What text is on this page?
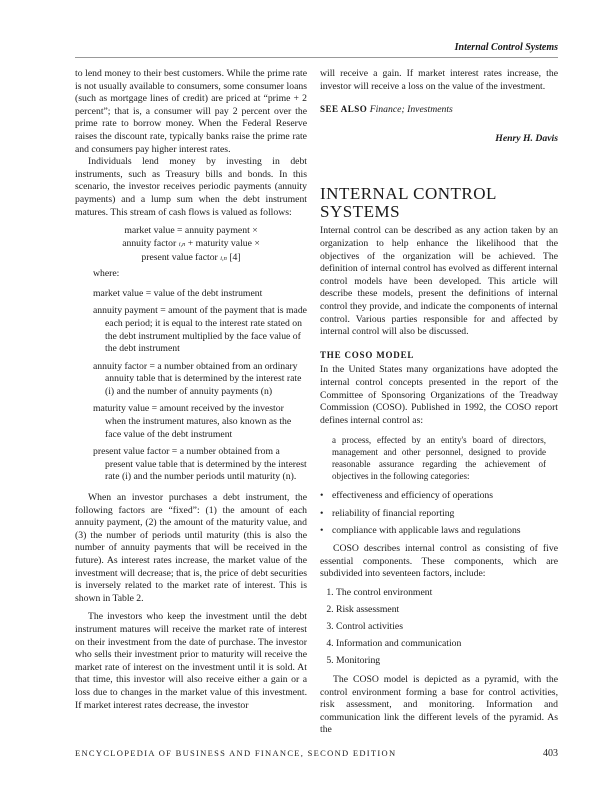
Internal Control Systems

to lend money to their best customers. While the prime rate is not usually available to consumers, some consumer loans (such as mortgage lines of credit) are priced at “prime + 2 percent”; that is, a consumer will pay 2 percent over the prime rate to borrow money. When the Federal Reserve raises the discount rate, typically banks raise the prime rate and consumers pay higher interest rates.

Individuals lend money by investing in debt instruments, such as Treasury bills and bonds. In this scenario, the investor receives periodic payments (annuity payments) and a lump sum when the debt instrument matures. This stream of cash flows is valued as follows:

market value = annuity payment ×
annuity factor i,n + maturity value ×
present value factor i,n [4]
where:
market value = value of the debt instrument
annuity payment = amount of the payment that is made each period; it is equal to the interest rate stated on the debt instrument multiplied by the face value of the debt instrument
annuity factor = a number obtained from an ordinary annuity table that is determined by the interest rate (i) and the number of annuity payments (n)
maturity value = amount received by the investor when the instrument matures, also known as the face value of the debt instrument
present value factor = a number obtained from a present value table that is determined by the interest rate (i) and the number periods until maturity (n).

When an investor purchases a debt instrument, the following factors are “fixed”: (1) the amount of each annuity payment, (2) the amount of the maturity value, and (3) the number of periods until maturity (this is also the number of annuity payments that will be received in the future). As interest rates increase, the market value of the investment will decrease; that is, the price of debt securities is inversely related to the market rate of interest. This is shown in Table 2.

The investors who keep the investment until the debt instrument matures will receive the market rate of interest on their investment from the date of purchase. The investor who sells their investment prior to maturity will receive the market rate of interest on the investment until it is sold. At that time, this investor will also receive either a gain or a loss due to changes in the market value of this investment. If market interest rates decrease, the investor

will receive a gain. If market interest rates increase, the investor will receive a loss on the value of the investment.

SEE ALSO Finance; Investments
Henry H. Davis
INTERNAL CONTROL
SYSTEMS

Internal control can be described as any action taken by an organization to help enhance the likelihood that the objectives of the organization will be achieved. The definition of internal control has evolved as different internal control models have been developed. This article will describe these models, present the definitions of internal control they provide, and indicate the components of internal control. Various parties responsible for and affected by internal control will also be discussed.

THE COSO MODEL

In the United States many organizations have adopted the internal control concepts presented in the report of the Committee of Sponsoring Organizations of the Treadway Commission (COSO). Published in 1992, the COSO report defines internal control as:

a process, effected by an entity's board of directors, management and other personnel, designed to provide reasonable assurance regarding the achievement of objectives in the following categories:
• effectiveness and efficiency of operations
• reliability of financial reporting
• compliance with applicable laws and regulations

COSO describes internal control as consisting of five essential components. These components, which are subdivided into seventeen factors, include:

1. The control environment
2. Risk assessment
3. Control activities
4. Information and communication
5. Monitoring

The COSO model is depicted as a pyramid, with the control environment forming a base for control activities, risk assessment, and monitoring. Information and communication link the different levels of the pyramid. As the

ENCYCLOPEDIA OF BUSINESS AND FINANCE, SECOND EDITION	403
